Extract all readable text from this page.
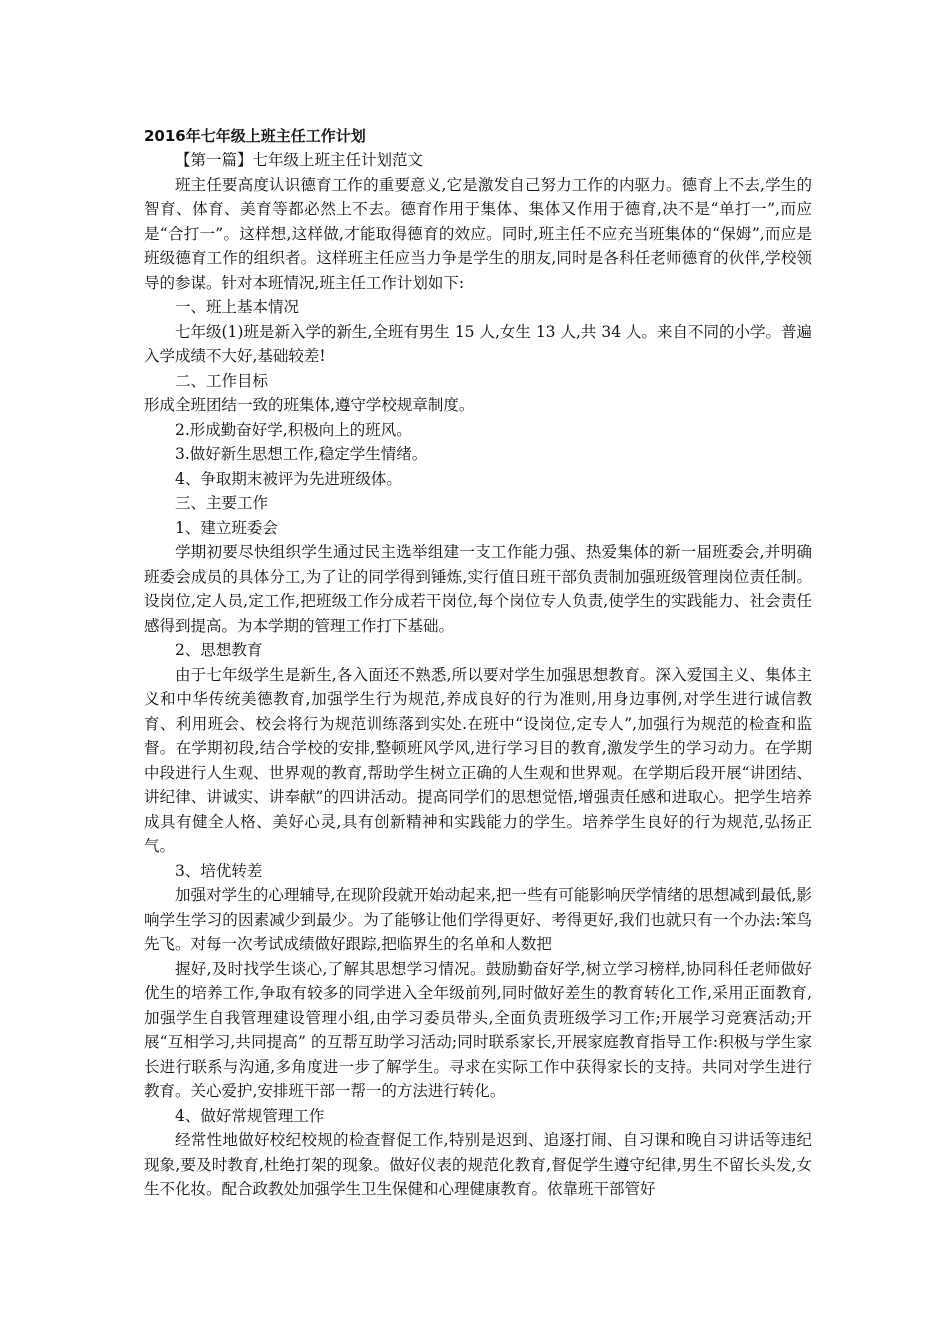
2016年七年级上班主任工作计划

【第一篇】七年级上班主任计划范文

班主任要高度认识德育工作的重要意义,它是激发自己努力工作的内驱力。德育上不去,学生的智育、体育、美育等都必然上不去。德育作用于集体、集体又作用于德育,决不是“单打一”,而应是“合打一”。这样想,这样做,才能取得德育的效应。同时,班主任不应充当班集体的“保姆”,而应是班级德育工作的组织者。这样班主任应当力争是学生的朋友,同时是各科任老师德育的伙伴,学校领导的参谋。针对本班情况,班主任工作计划如下:

一、班上基本情况

七年级(1)班是新入学的新生,全班有男生 15 人,女生 13 人,共 34 人。来自不同的小学。普遍入学成绩不大好,基础较差!

二、工作目标

形成全班团结一致的班集体,遵守学校规章制度。

2.形成勤奋好学,积极向上的班风。

3.做好新生思想工作,稳定学生情绪。

4、争取期末被评为先进班级体。

三、主要工作

1、建立班委会

学期初要尽快组织学生通过民主选举组建一支工作能力强、热爱集体的新一届班委会,并明确班委会成员的具体分工,为了让的同学得到锤炼,实行值日班干部负责制加强班级管理岗位责任制。设岗位,定人员,定工作,把班级工作分成若干岗位,每个岗位专人负责,使学生的实践能力、社会责任感得到提高。为本学期的管理工作打下基础。

2、思想教育

由于七年级学生是新生,各入面还不熟悉,所以要对学生加强思想教育。深入爱国主义、集体主义和中华传统美德教育,加强学生行为规范,养成良好的行为准则,用身边事例,对学生进行诚信教育、利用班会、校会将行为规范训练落到实处.在班中“设岗位,定专人”,加强行为规范的检查和监督。在学期初段,结合学校的安排,整顿班风学风,进行学习目的教育,激发学生的学习动力。在学期中段进行人生观、世界观的教育,帮助学生树立正确的人生观和世界观。在学期后段开展“讲团结、讲纪律、讲诚实、讲奉献”的四讲活动。提高同学们的思想觉悟,增强责任感和进取心。把学生培养成具有健全人格、美好心灵,具有创新精神和实践能力的学生。培养学生良好的行为规范,弘扬正气。

3、培优转差

加强对学生的心理辅导,在现阶段就开始动起来,把一些有可能影响厌学情绪的思想减到最低,影响学生学习的因素减少到最少。为了能够让他们学得更好、考得更好,我们也就只有一个办法:笨鸟先飞。对每一次考试成绩做好跟踪,把临界生的名单和人数把

握好,及时找学生谈心,了解其思想学习情况。鼓励勤奋好学,树立学习榜样,协同科任老师做好优生的培养工作,争取有较多的同学进入全年级前列,同时做好差生的教育转化工作,采用正面教育,加强学生自我管理建设管理小组,由学习委员带头,全面负责班级学习工作;开展学习竞赛活动;开展“互相学习,共同提高” 的互帮互助学习活动;同时联系家长,开展家庭教育指导工作:积极与学生家长进行联系与沟通,多角度进一步了解学生。寻求在实际工作中获得家长的支持。共同对学生进行教育。关心爱护,安排班干部一帮一的方法进行转化。

4、做好常规管理工作

经常性地做好校纪校规的检查督促工作,特别是迟到、追逐打闹、自习课和晚自习讲话等违纪现象,要及时教育,杜绝打架的现象。做好仪表的规范化教育,督促学生遵守纪律,男生不留长头发,女生不化妆。配合政教处加强学生卫生保健和心理健康教育。依靠班干部管好
